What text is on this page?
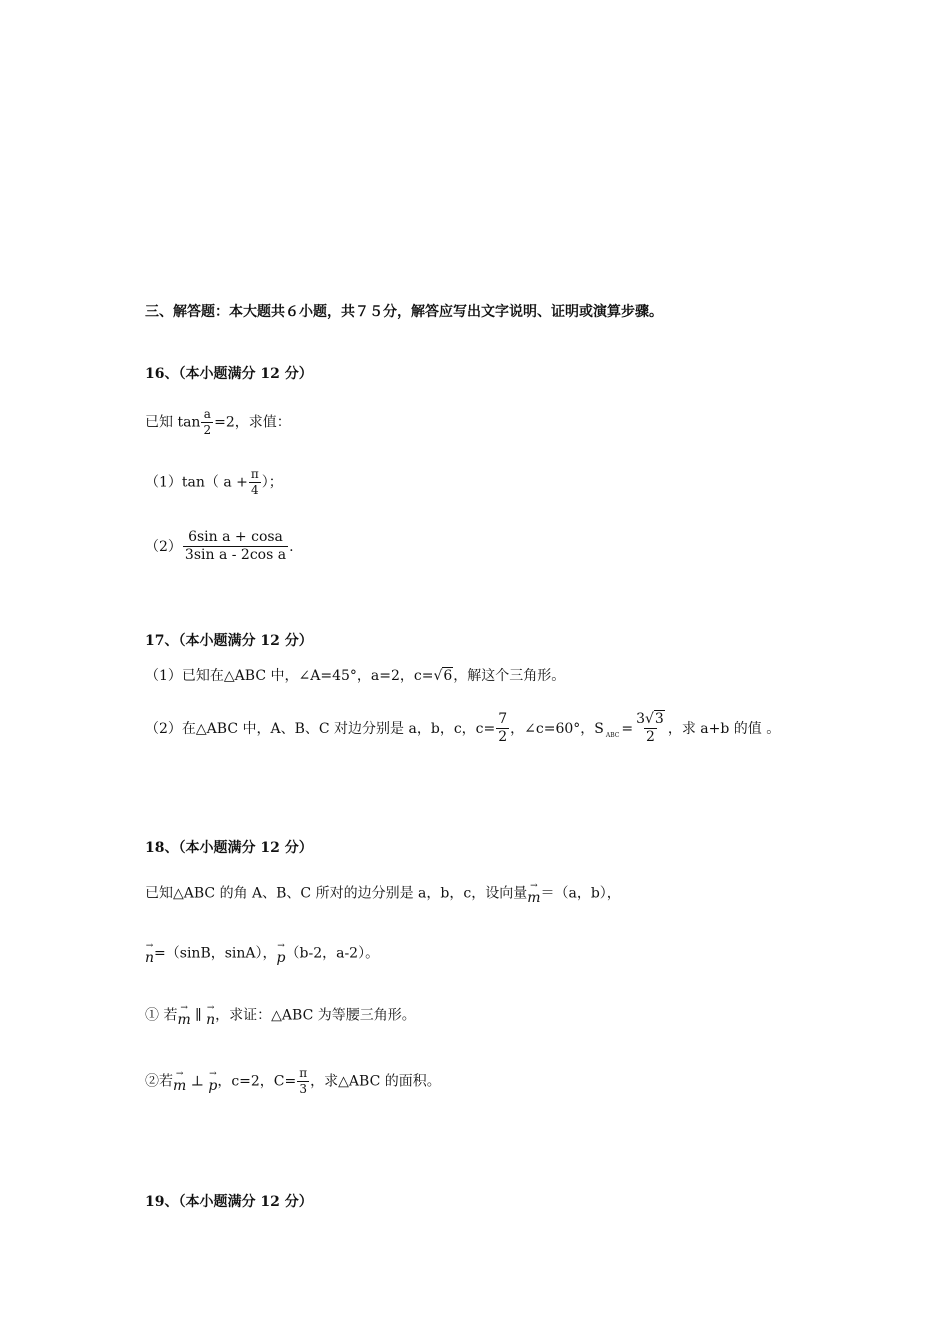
三、解答题：本大题共６小题，共７５分，解答应写出文字说明、证明或演算步骤。
16、（本小题满分 12 分）
已知 $\tan \frac{a}{2} =2$，求值：
（1）tan（ $a + \frac{\pi}{4}$ ）；
$(2) \frac{\text{6sin a + cosa}}{\text{3sin a - 2cos a}}$ .
17、（本小题满分 12 分）
（1）已知在△ABC 中，∠A=45°，a=2，c=√6，解这个三角形。
（2）在△ABC 中，A、B、C 对边分别是 a，b，c，$c= \frac{7}{2}$ ，∠c=60°，S $_{ABC} = \frac{3√3}{2}$ ，求 a+b 的值 。
18、（本小题满分 12 分）
已知△ABC 的角 A、B、C 所对的边分别是 a，b，c，设向量 →
m ＝（a，b），
→
n =（sinB，sinA）， →
p （b-2，a-2）。
① 若 →
m ∥ →
n ，求证：△ABC 为等腰三角形。
②若 →
m ⊥ →
p ，c=2，$C= \frac{\pi}{3}$ ，求△ABC 的面积。
19、（本小题满分 12 分）
